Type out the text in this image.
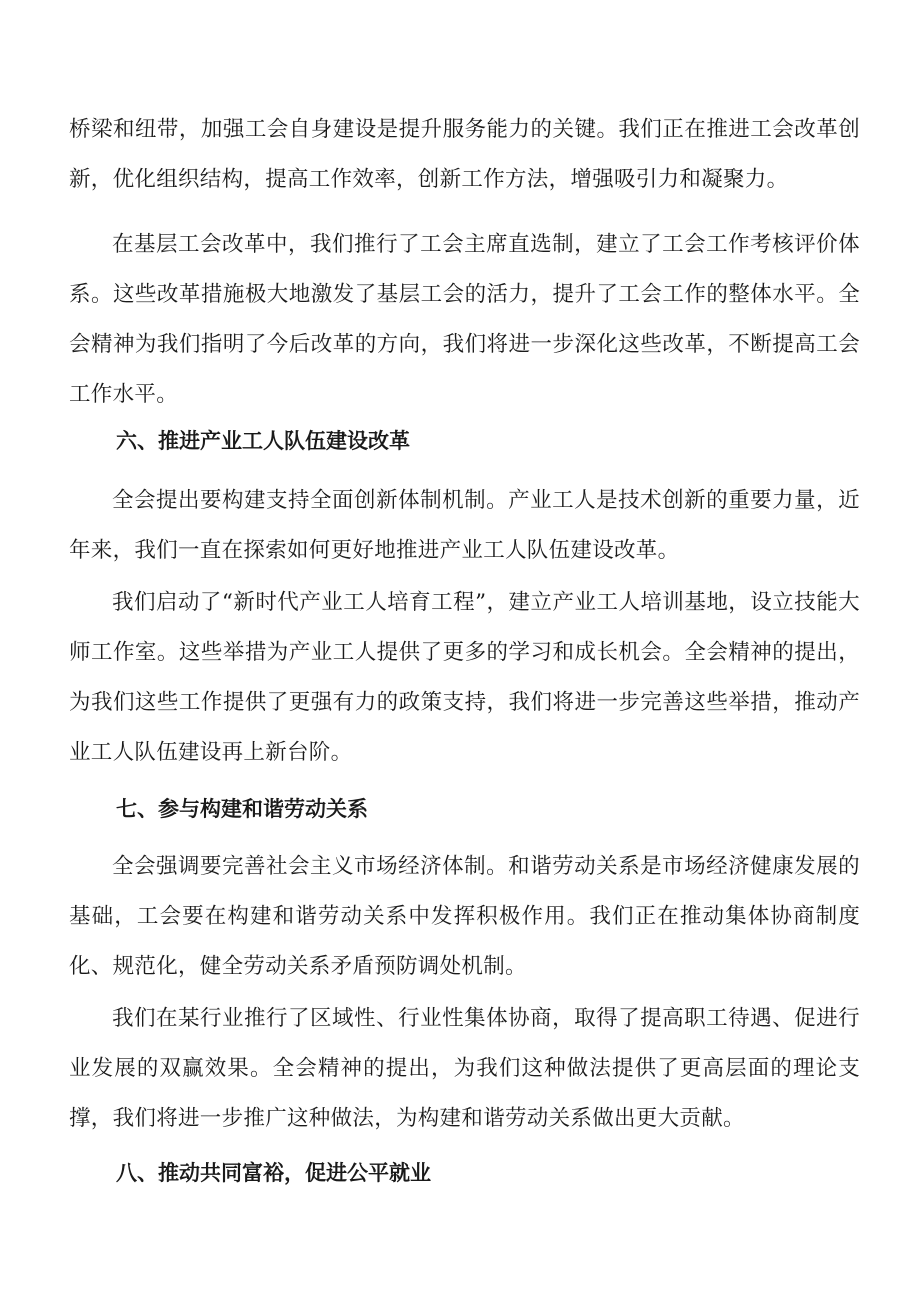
桥梁和纽带，加强工会自身建设是提升服务能力的关键。我们正在推进工会改革创新，优化组织结构，提高工作效率，创新工作方法，增强吸引力和凝聚力。

在基层工会改革中，我们推行了工会主席直选制，建立了工会工作考核评价体系。这些改革措施极大地激发了基层工会的活力，提升了工会工作的整体水平。全会精神为我们指明了今后改革的方向，我们将进一步深化这些改革，不断提高工会工作水平。

六、推进产业工人队伍建设改革

全会提出要构建支持全面创新体制机制。产业工人是技术创新的重要力量，近年来，我们一直在探索如何更好地推进产业工人队伍建设改革。

我们启动了“新时代产业工人培育工程”，建立产业工人培训基地，设立技能大师工作室。这些举措为产业工人提供了更多的学习和成长机会。全会精神的提出，为我们这些工作提供了更强有力的政策支持，我们将进一步完善这些举措，推动产业工人队伍建设再上新台阶。

七、参与构建和谐劳动关系

全会强调要完善社会主义市场经济体制。和谐劳动关系是市场经济健康发展的基础，工会要在构建和谐劳动关系中发挥积极作用。我们正在推动集体协商制度化、规范化，健全劳动关系矛盾预防调处机制。

我们在某行业推行了区域性、行业性集体协商，取得了提高职工待遇、促进行业发展的双赢效果。全会精神的提出，为我们这种做法提供了更高层面的理论支撑，我们将进一步推广这种做法，为构建和谐劳动关系做出更大贡献。

八、推动共同富裕，促进公平就业
